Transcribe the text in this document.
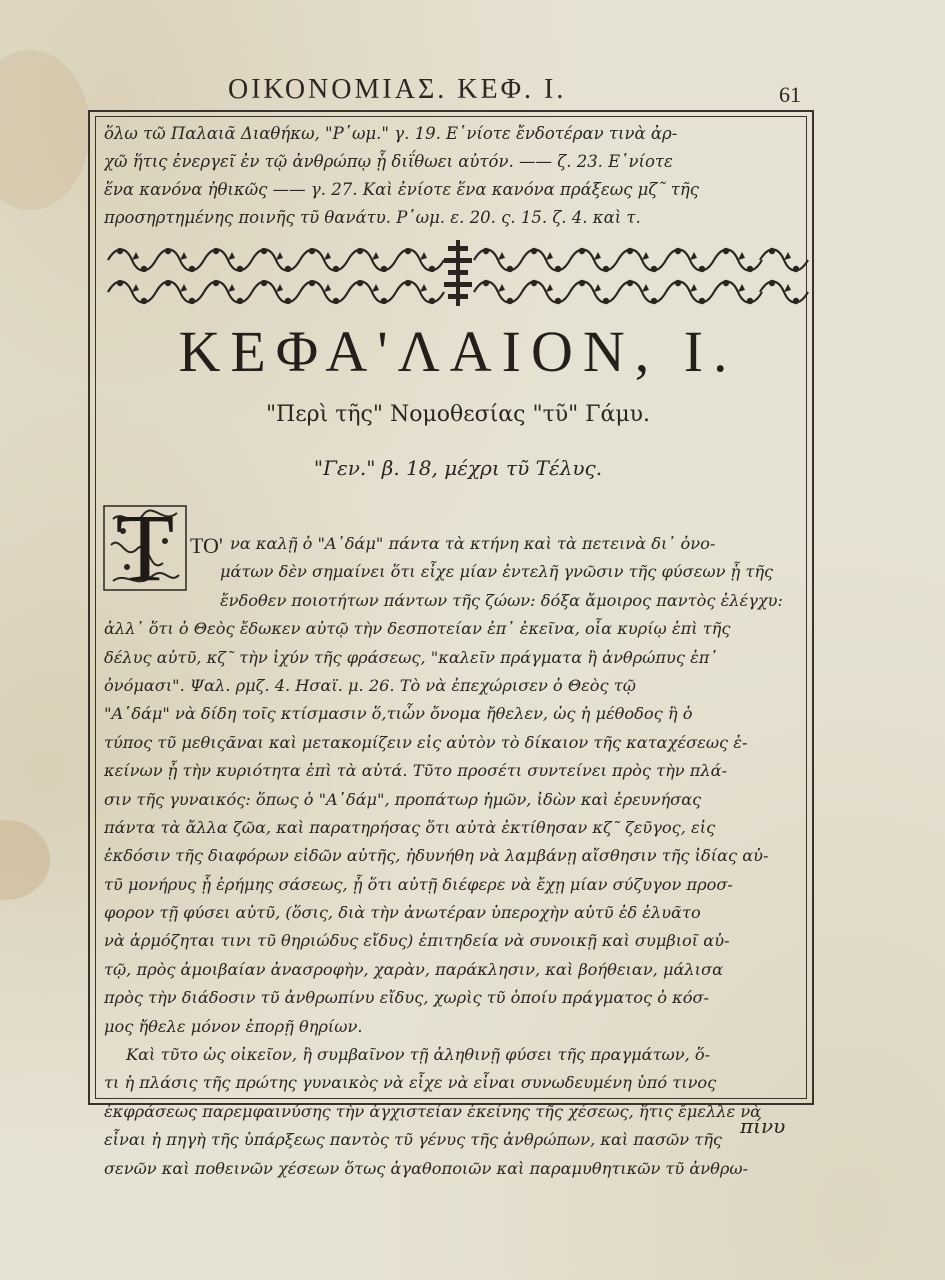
ΟΙΚΟΝΟΜΙΑΣ. ΚΕΦ. Ι.	61
ὅλω τῶ Παλαιᾶ Διαθήκω, "Ρ῾ωμ." γ. 19. Ε῾νίοτε ἔνδοτέραν τινὰ ἀρ-
χῶ ἥτις ἐνεργεῖ ἐν τῷ ἀνθρώπῳ ᾗ διΐθωει αὐτόν. —— ζ. 23. Ε῾νίοτε
ἕνα κανόνα ἠθικῶς —— γ. 27. Καὶ ἐνίοτε ἕνα κανόνα πράξεως μζ῀ τῆς
προσηρτημένης ποινῆς τῦ θανάτυ. Ρ῾ωμ. ε. 20. ς. 15. ζ. 4. καὶ τ.
ΚΕΦΑ'ΛΑΙΟΝ, Ι.
"Περὶ τῆς" Νομοθεσίας "τῦ" Γάμυ.
"Γεν." β. 18, μέχρι τῦ Τέλυς.
Τ ΤΟ' να καλῇ ὁ "Α῾δάμ" πάντα τὰ κτήνη καὶ τὰ πετεινὰ δι᾽ ὀνο-
μάτων δὲν σημαίνει ὅτι εἶχε μίαν ἐντελῆ γνῶσιν τῆς φύσεων ᾗ τῆς
ἔνδοθεν ποιοτήτων πάντων τῆς ζώων: δόξα ἄμοιρος παντὸς ἐλέγχυ:
ἀλλ᾽ ὅτι ὁ Θεὸς ἔδωκεν αὐτῷ τὴν δεσποτείαν ἐπ᾽ ἐκεῖνα, οἷα κυρίῳ ἐπὶ τῆς
δέλυς αὐτῦ, κζ῀ τὴν ἰχύν τῆς φράσεως, "καλεῖν πράγματα ἢ ἀνθρώπυς ἐπ᾽
ὀνόμασι". Ψαλ. ρμζ. 4. Ησαϊ. μ. 26. Τὸ νὰ ἐπεχώρισεν ὁ Θεὸς τῷ
"Α῾δάμ" νὰ δίδη τοῖς κτίσμασιν ὅ,τιὧν ὄνομα ἤθελεν, ὡς ἡ μέθοδος ἢ ὁ
τύπος τῦ μεθιςᾶναι καὶ μετακομίζειν εἰς αὐτὸν τὸ δίκαιον τῆς καταχέσεως ἐ-
κείνων ᾗ τὴν κυριότητα ἐπὶ τὰ αὐτά. Τῦτο προσέτι συντείνει πρὸς τὴν πλά-
σιν τῆς γυναικός: ὅπως ὁ "Α῾δάμ", προπάτωρ ἡμῶν, ἰδὼν καὶ ἐρευνήσας
πάντα τὰ ἄλλα ζῶα, καὶ παρατηρήσας ὅτι αὐτὰ ἐκτίθησαν κζ῀ ζεῦγος, εἰς
ἐκδόσιν τῆς διαφόρων εἰδῶν αὐτῆς, ἠδυνήθη νὰ λαμβάνῃ αἴσθησιν τῆς ἰδίας αὐ-
τῦ μονήρυς ᾗ ἐρήμης σάσεως, ᾗ ὅτι αὐτῇ διέφερε νὰ ἔχῃ μίαν σύζυγον προσ-
φορον τῇ φύσει αὐτῦ, (ὅσις, διὰ τὴν ἀνωτέραν ὑπεροχὴν αὐτῦ ἐδ ἐλυᾶτο
νὰ ἁρμόζηται τινι τῦ θηριώδυς εἴδυς) ἐπιτηδεία νὰ συνοικῇ καὶ συμβιοῖ αὐ-
τῷ, πρὸς ἀμοιβαίαν ἀνασροφὴν, χαρὰν, παράκλησιν, καὶ βοήθειαν, μάλισα
πρὸς τὴν διάδοσιν τῦ ἀνθρωπίνυ εἴδυς, χωρὶς τῦ ὁποίυ πράγματος ὁ κόσ-
μος ἤθελε μόνον ἐπορῇ θηρίων.
Καὶ τῦτο ὡς οἰκεῖον, ἢ συμβαῖνον τῇ ἀληθινῇ φύσει τῆς πραγμάτων, ὅ-
τι ἡ πλάσις τῆς πρώτης γυναικὸς νὰ εἶχε νὰ εἶναι συνωδευμένη ὑπό τινος
ἐκφράσεως παρεμφαινύσης τὴν ἀγχιστείαν ἐκείνης τῆς χέσεως, ἥτις ἔμελλε νὰ
εἶναι ἡ πηγὴ τῆς ὑπάρξεως παντὸς τῦ γένυς τῆς ἀνθρώπων, καὶ πασῶν τῆς
σενῶν καὶ ποθεινῶν χέσεων ὅτως ἀγαθοποιῶν καὶ παραμυθητικῶν τῦ ἀνθρω-
πίνυ
